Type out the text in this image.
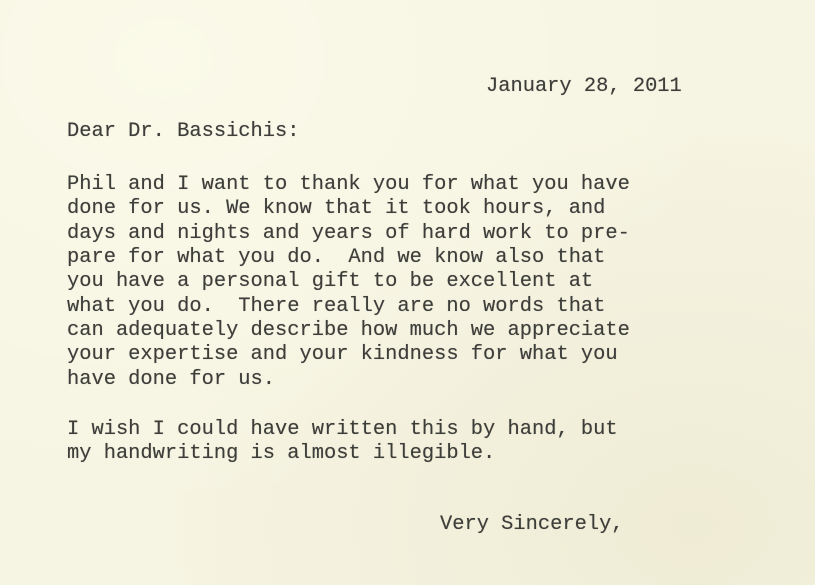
January 28, 2011
Dear Dr. Bassichis:
Phil and I want to thank you for what you have
done for us. We know that it took hours, and
days and nights and years of hard work to pre-
pare for what you do.  And we know also that
you have a personal gift to be excellent at
what you do.  There really are no words that
can adequately describe how much we appreciate
your expertise and your kindness for what you
have done for us.
I wish I could have written this by hand, but
my handwriting is almost illegible.
Very Sincerely,
